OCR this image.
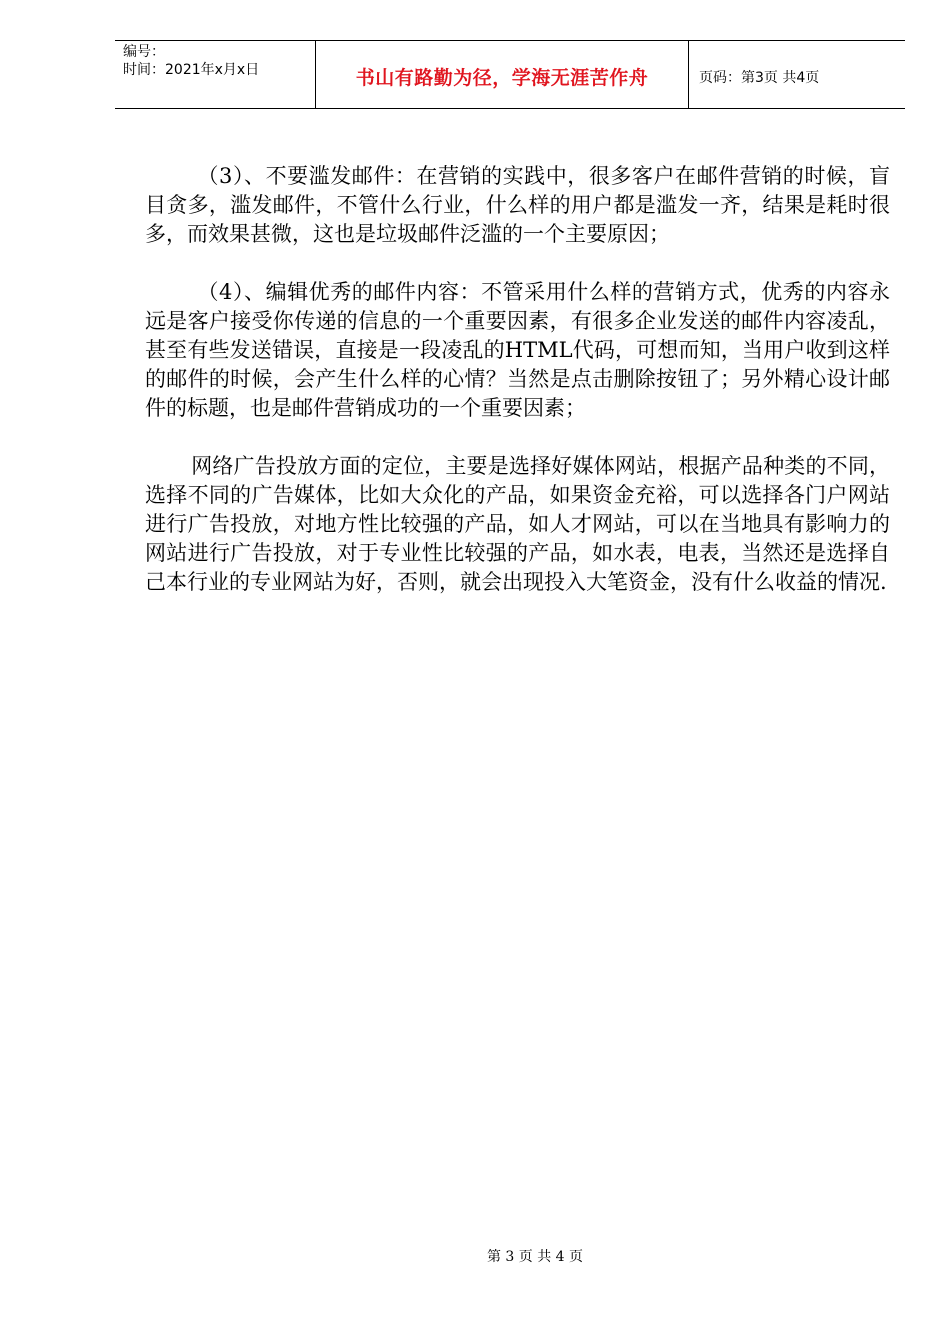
编号：
时间：2021年x月x日	书山有路勤为径，学海无涯苦作舟	页码：第3页 共4页

（3）、不要滥发邮件：在营销的实践中，很多客户在邮件营销的时候，盲目贪多，滥发邮件，不管什么行业，什么样的用户都是滥发一齐，结果是耗时很多，而效果甚微，这也是垃圾邮件泛滥的一个主要原因；

（4）、编辑优秀的邮件内容：不管采用什么样的营销方式，优秀的内容永远是客户接受你传递的信息的一个重要因素，有很多企业发送的邮件内容凌乱，甚至有些发送错误，直接是一段凌乱的HTML代码，可想而知，当用户收到这样的邮件的时候，会产生什么样的心情？当然是点击删除按钮了；另外精心设计邮件的标题，也是邮件营销成功的一个重要因素；

网络广告投放方面的定位，主要是选择好媒体网站，根据产品种类的不同，选择不同的广告媒体，比如大众化的产品，如果资金充裕，可以选择各门户网站进行广告投放，对地方性比较强的产品，如人才网站，可以在当地具有影响力的网站进行广告投放，对于专业性比较强的产品，如水表，电表，当然还是选择自己本行业的专业网站为好，否则，就会出现投入大笔资金，没有什么收益的情况.

第 3 页 共 4 页
